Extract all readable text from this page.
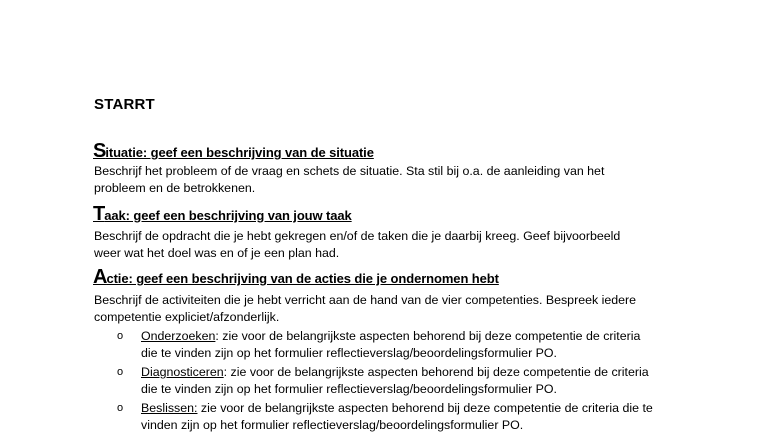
STARRT
Situatie: geef een beschrijving van de situatie
Beschrijf het probleem of de vraag en schets de situatie. Sta stil bij o.a. de aanleiding van het
probleem en de betrokkenen.
Taak: geef een beschrijving van jouw taak
Beschrijf de opdracht die je hebt gekregen en/of de taken die je daarbij kreeg. Geef bijvoorbeeld
weer wat het doel was en of je een plan had.
Actie: geef een beschrijving van de acties die je ondernomen hebt
Beschrijf de activiteiten die je hebt verricht aan de hand van de vier competenties. Bespreek iedere
competentie expliciet/afzonderlijk.
o Onderzoeken: zie voor de belangrijkste aspecten behorend bij deze competentie de criteria
die te vinden zijn op het formulier reflectieverslag/beoordelingsformulier PO.
o Diagnosticeren: zie voor de belangrijkste aspecten behorend bij deze competentie de criteria
die te vinden zijn op het formulier reflectieverslag/beoordelingsformulier PO.
o Beslissen: zie voor de belangrijkste aspecten behorend bij deze competentie de criteria die te
vinden zijn op het formulier reflectieverslag/beoordelingsformulier PO.
